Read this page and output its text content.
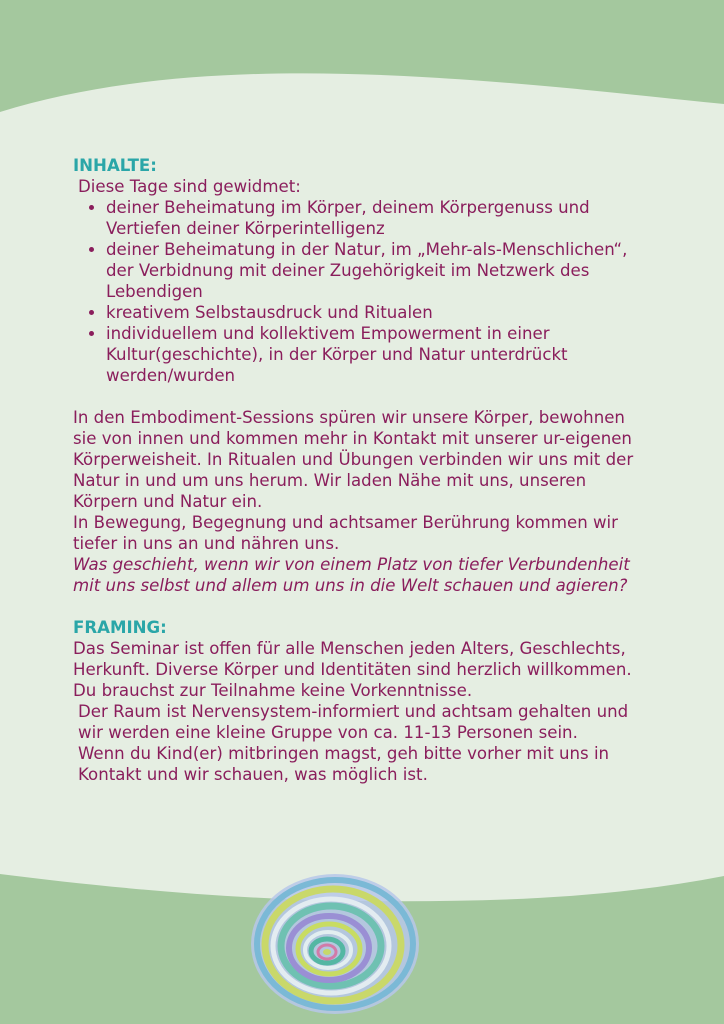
INHALTE:

Diese Tage sind gewidmet:

• deiner Beheimatung im Körper, deinem Körpergenuss und Vertiefen deiner Körperintelligenz
• deiner Beheimatung in der Natur, im „Mehr-als-Menschlichen“, der Verbidnung mit deiner Zugehörigkeit im Netzwerk des Lebendigen
• kreativem Selbstausdruck und Ritualen
• individuellem und kollektivem Empowerment in einer Kultur(geschichte), in der Körper und Natur unterdrückt werden/wurden

In den Embodiment-Sessions spüren wir unsere Körper, bewohnen sie von innen und kommen mehr in Kontakt mit unserer ur-eigenen Körperweisheit. In Ritualen und Übungen verbinden wir uns mit der Natur in und um uns herum. Wir laden Nähe mit uns, unseren Körpern und Natur ein.

In Bewegung, Begegnung und achtsamer Berührung kommen wir tiefer in uns an und nähren uns.

Was geschieht, wenn wir von einem Platz von tiefer Verbundenheit mit uns selbst und allem um uns in die Welt schauen und agieren?

FRAMING:

Das Seminar ist offen für alle Menschen jeden Alters, Geschlechts, Herkunft. Diverse Körper und Identitäten sind herzlich willkommen. Du brauchst zur Teilnahme keine Vorkenntnisse.

Der Raum ist Nervensystem-informiert und achtsam gehalten und wir werden eine kleine Gruppe von ca. 11-13 Personen sein.

Wenn du Kind(er) mitbringen magst, geh bitte vorher mit uns in Kontakt und wir schauen, was möglich ist.
